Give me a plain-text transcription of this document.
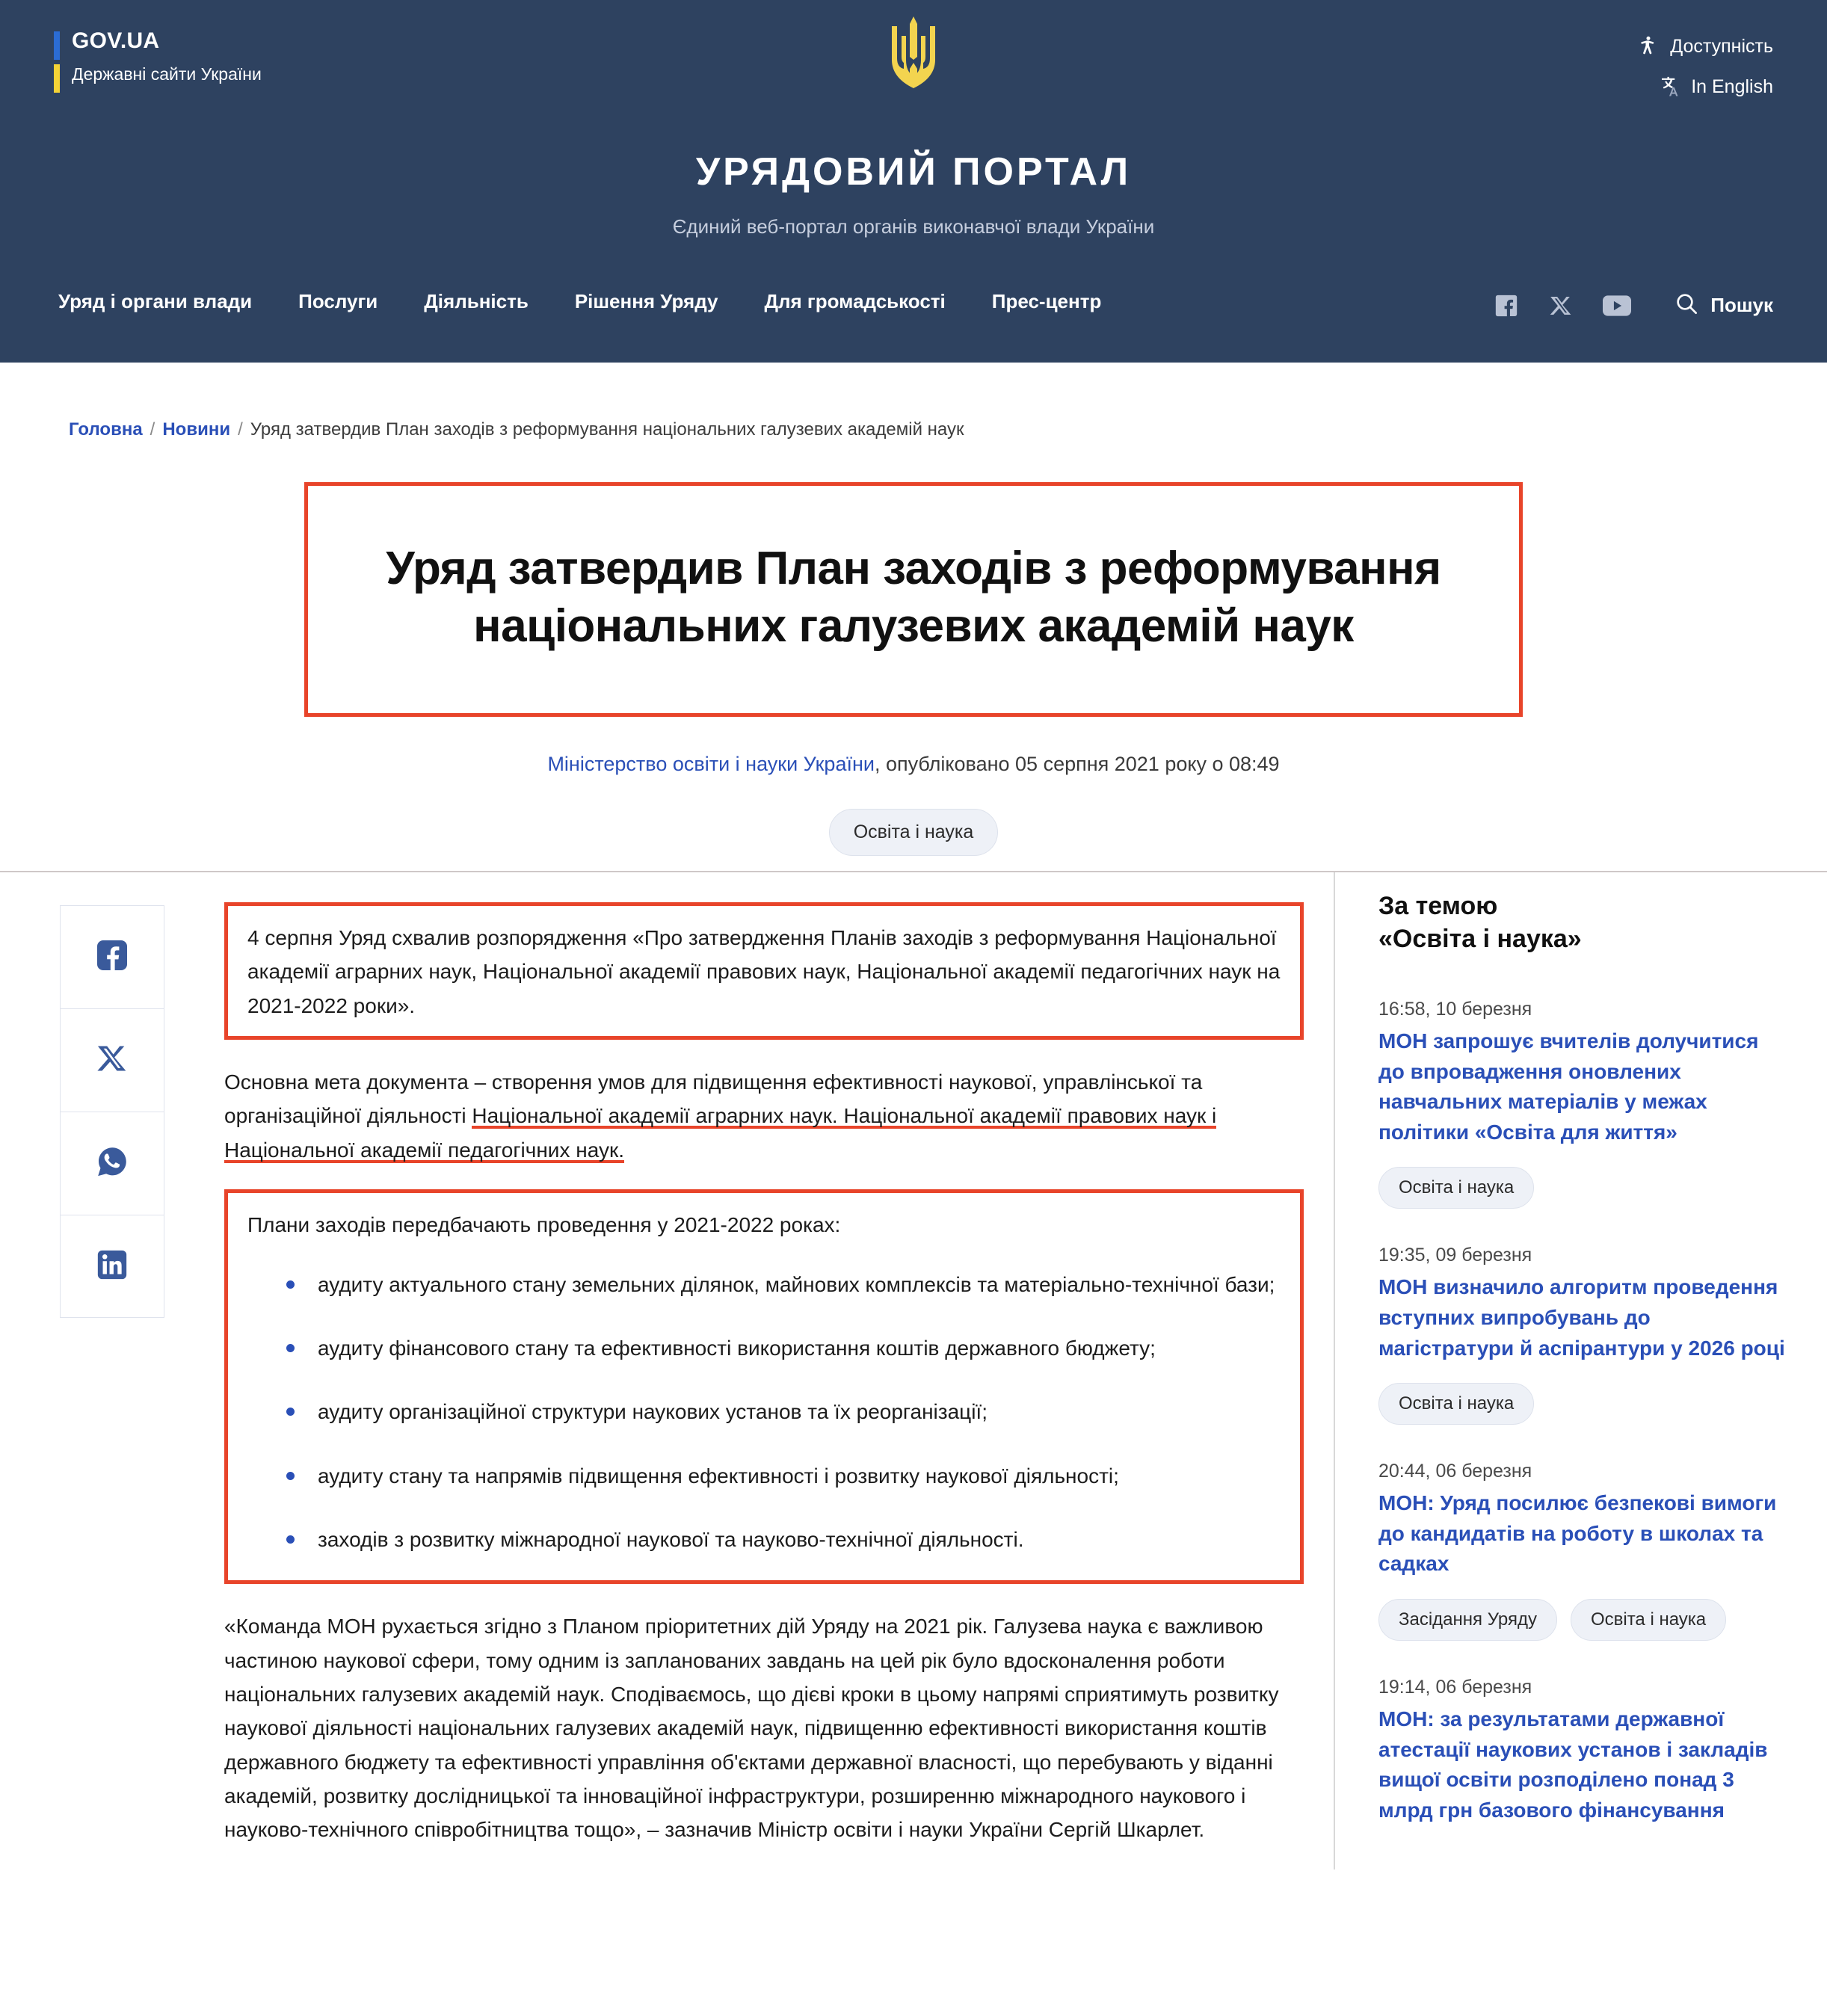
GOV.UA
Державні сайти України
Доступність
In English
УРЯДОВИЙ ПОРТАЛ
Єдиний веб-портал органів виконавчої влади України
Уряд і органи влади Послуги Діяльність Рішення Уряду Для громадськості Прес-центр	Пошук
Головна / Новини / Уряд затвердив План заходів з реформування національних галузевих академій наук
Уряд затвердив План заходів з реформування національних галузевих академій наук
Міністерство освіти і науки України, опубліковано 05 серпня 2021 року о 08:49
Освіта і наука

4 серпня Уряд схвалив розпорядження «Про затвердження Планів заходів з реформування Національної академії аграрних наук, Національної академії правових наук, Національної академії педагогічних наук на 2021-2022 роки».

Основна мета документа – створення умов для підвищення ефективності наукової, управлінської та організаційної діяльності Національної академії аграрних наук. Національної академії правових наук і Національної академії педагогічних наук.

Плани заходів передбачають проведення у 2021-2022 роках:

аудиту актуального стану земельних ділянок, майнових комплексів та матеріально-технічної бази;
аудиту фінансового стану та ефективності використання коштів державного бюджету;
аудиту організаційної структури наукових установ та їх реорганізації;
аудиту стану та напрямів підвищення ефективності і розвитку наукової діяльності;
заходів з розвитку міжнародної наукової та науково-технічної діяльності.

«Команда МОН рухається згідно з Планом пріоритетних дій Уряду на 2021 рік. Галузева наука є важливою частиною наукової сфери, тому одним із запланованих завдань на цей рік було вдосконалення роботи національних галузевих академій наук. Сподіваємось, що дієві кроки в цьому напрямі сприятимуть розвитку наукової діяльності національних галузевих академій наук, підвищенню ефективності використання коштів державного бюджету та ефективності управління об'єктами державної власності, що перебувають у віданні академій, розвитку дослідницької та інноваційної інфраструктури, розширенню міжнародного наукового і науково-технічного співробітництва тощо», – зазначив Міністр освіти і науки України Сергій Шкарлет.

За темою
«Освіта і наука»
16:58, 10 березня
МОН запрошує вчителів долучитися до впровадження оновлених навчальних матеріалів у межах політики «Освіта для життя»
Освіта і наука
19:35, 09 березня
МОН визначило алгоритм проведення вступних випробувань до магістратури й аспірантури у 2026 році
Освіта і наука
20:44, 06 березня
МОН: Уряд посилює безпекові вимоги до кандидатів на роботу в школах та садках
Засідання Уряду	Освіта і наука
19:14, 06 березня
МОН: за результатами державної атестації наукових установ і закладів вищої освіти розподілено понад 3 млрд грн базового фінансування
